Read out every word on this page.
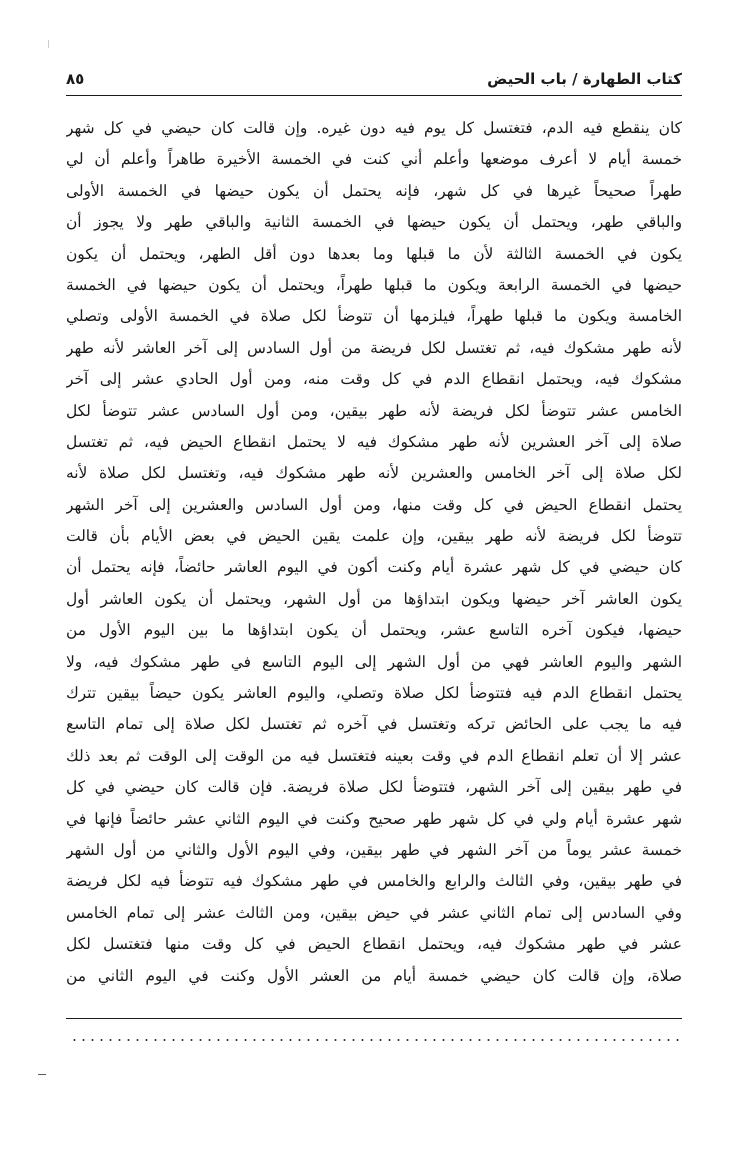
كتاب الطهارة / باب الحيض
٨٥
كان ينقطع فيه الدم، فتغتسل كل يوم فيه دون غيره. وإن قالت كان حيضي في كل شهر
خمسة أيام لا أعرف موضعها وأعلم أني كنت في الخمسة الأخيرة طاهراً وأعلم أن لي
طهراً صحيحاً غيرها في كل شهر، فإنه يحتمل أن يكون حيضها في الخمسة الأولى
والباقي طهر، ويحتمل أن يكون حيضها في الخمسة الثانية والباقي طهر ولا يجوز أن
يكون في الخمسة الثالثة لأن ما قبلها وما بعدها دون أقل الطهر، ويحتمل أن يكون
حيضها في الخمسة الرابعة ويكون ما قبلها طهراً، ويحتمل أن يكون حيضها في الخمسة
الخامسة ويكون ما قبلها طهراً، فيلزمها أن تتوضأ لكل صلاة في الخمسة الأولى وتصلي
لأنه طهر مشكوك فيه، ثم تغتسل لكل فريضة من أول السادس إلى آخر العاشر لأنه طهر
مشكوك فيه، ويحتمل انقطاع الدم في كل وقت منه، ومن أول الحادي عشر إلى آخر
الخامس عشر تتوضأ لكل فريضة لأنه طهر بيقين، ومن أول السادس عشر تتوضأ لكل
صلاة إلى آخر العشرين لأنه طهر مشكوك فيه لا يحتمل انقطاع الحيض فيه، ثم تغتسل
لكل صلاة إلى آخر الخامس والعشرين لأنه طهر مشكوك فيه، وتغتسل لكل صلاة لأنه
يحتمل انقطاع الحيض في كل وقت منها، ومن أول السادس والعشرين إلى آخر الشهر
تتوضأ لكل فريضة لأنه طهر بيقين، وإن علمت يقين الحيض في بعض الأيام بأن قالت
كان حيضي في كل شهر عشرة أيام وكنت أكون في اليوم العاشر حائضاً، فإنه يحتمل أن
يكون العاشر آخر حيضها ويكون ابتداؤها من أول الشهر، ويحتمل أن يكون العاشر أول
حيضها، فيكون آخره التاسع عشر، ويحتمل أن يكون ابتداؤها ما بين اليوم الأول من
الشهر واليوم العاشر فهي من أول الشهر إلى اليوم التاسع في طهر مشكوك فيه، ولا
يحتمل انقطاع الدم فيه فتتوضأ لكل صلاة وتصلي، واليوم العاشر يكون حيضاً بيقين تترك
فيه ما يجب على الحائض تركه وتغتسل في آخره ثم تغتسل لكل صلاة إلى تمام التاسع
عشر إلا أن تعلم انقطاع الدم في وقت بعينه فتغتسل فيه من الوقت إلى الوقت ثم بعد ذلك
في طهر بيقين إلى آخر الشهر، فتتوضأ لكل صلاة فريضة. فإن قالت كان حيضي في كل
شهر عشرة أيام ولي في كل شهر طهر صحيح وكنت في اليوم الثاني عشر حائضاً فإنها في
خمسة عشر يوماً من آخر الشهر في طهر بيقين، وفي اليوم الأول والثاني من أول الشهر
في طهر بيقين، وفي الثالث والرابع والخامس في طهر مشكوك فيه تتوضأ فيه لكل فريضة
وفي السادس إلى تمام الثاني عشر في حيض بيقين، ومن الثالث عشر إلى تمام الخامس
عشر في طهر مشكوك فيه، ويحتمل انقطاع الحيض في كل وقت منها فتغتسل لكل
صلاة، وإن قالت كان حيضي خمسة أيام من العشر الأول وكنت في اليوم الثاني من
